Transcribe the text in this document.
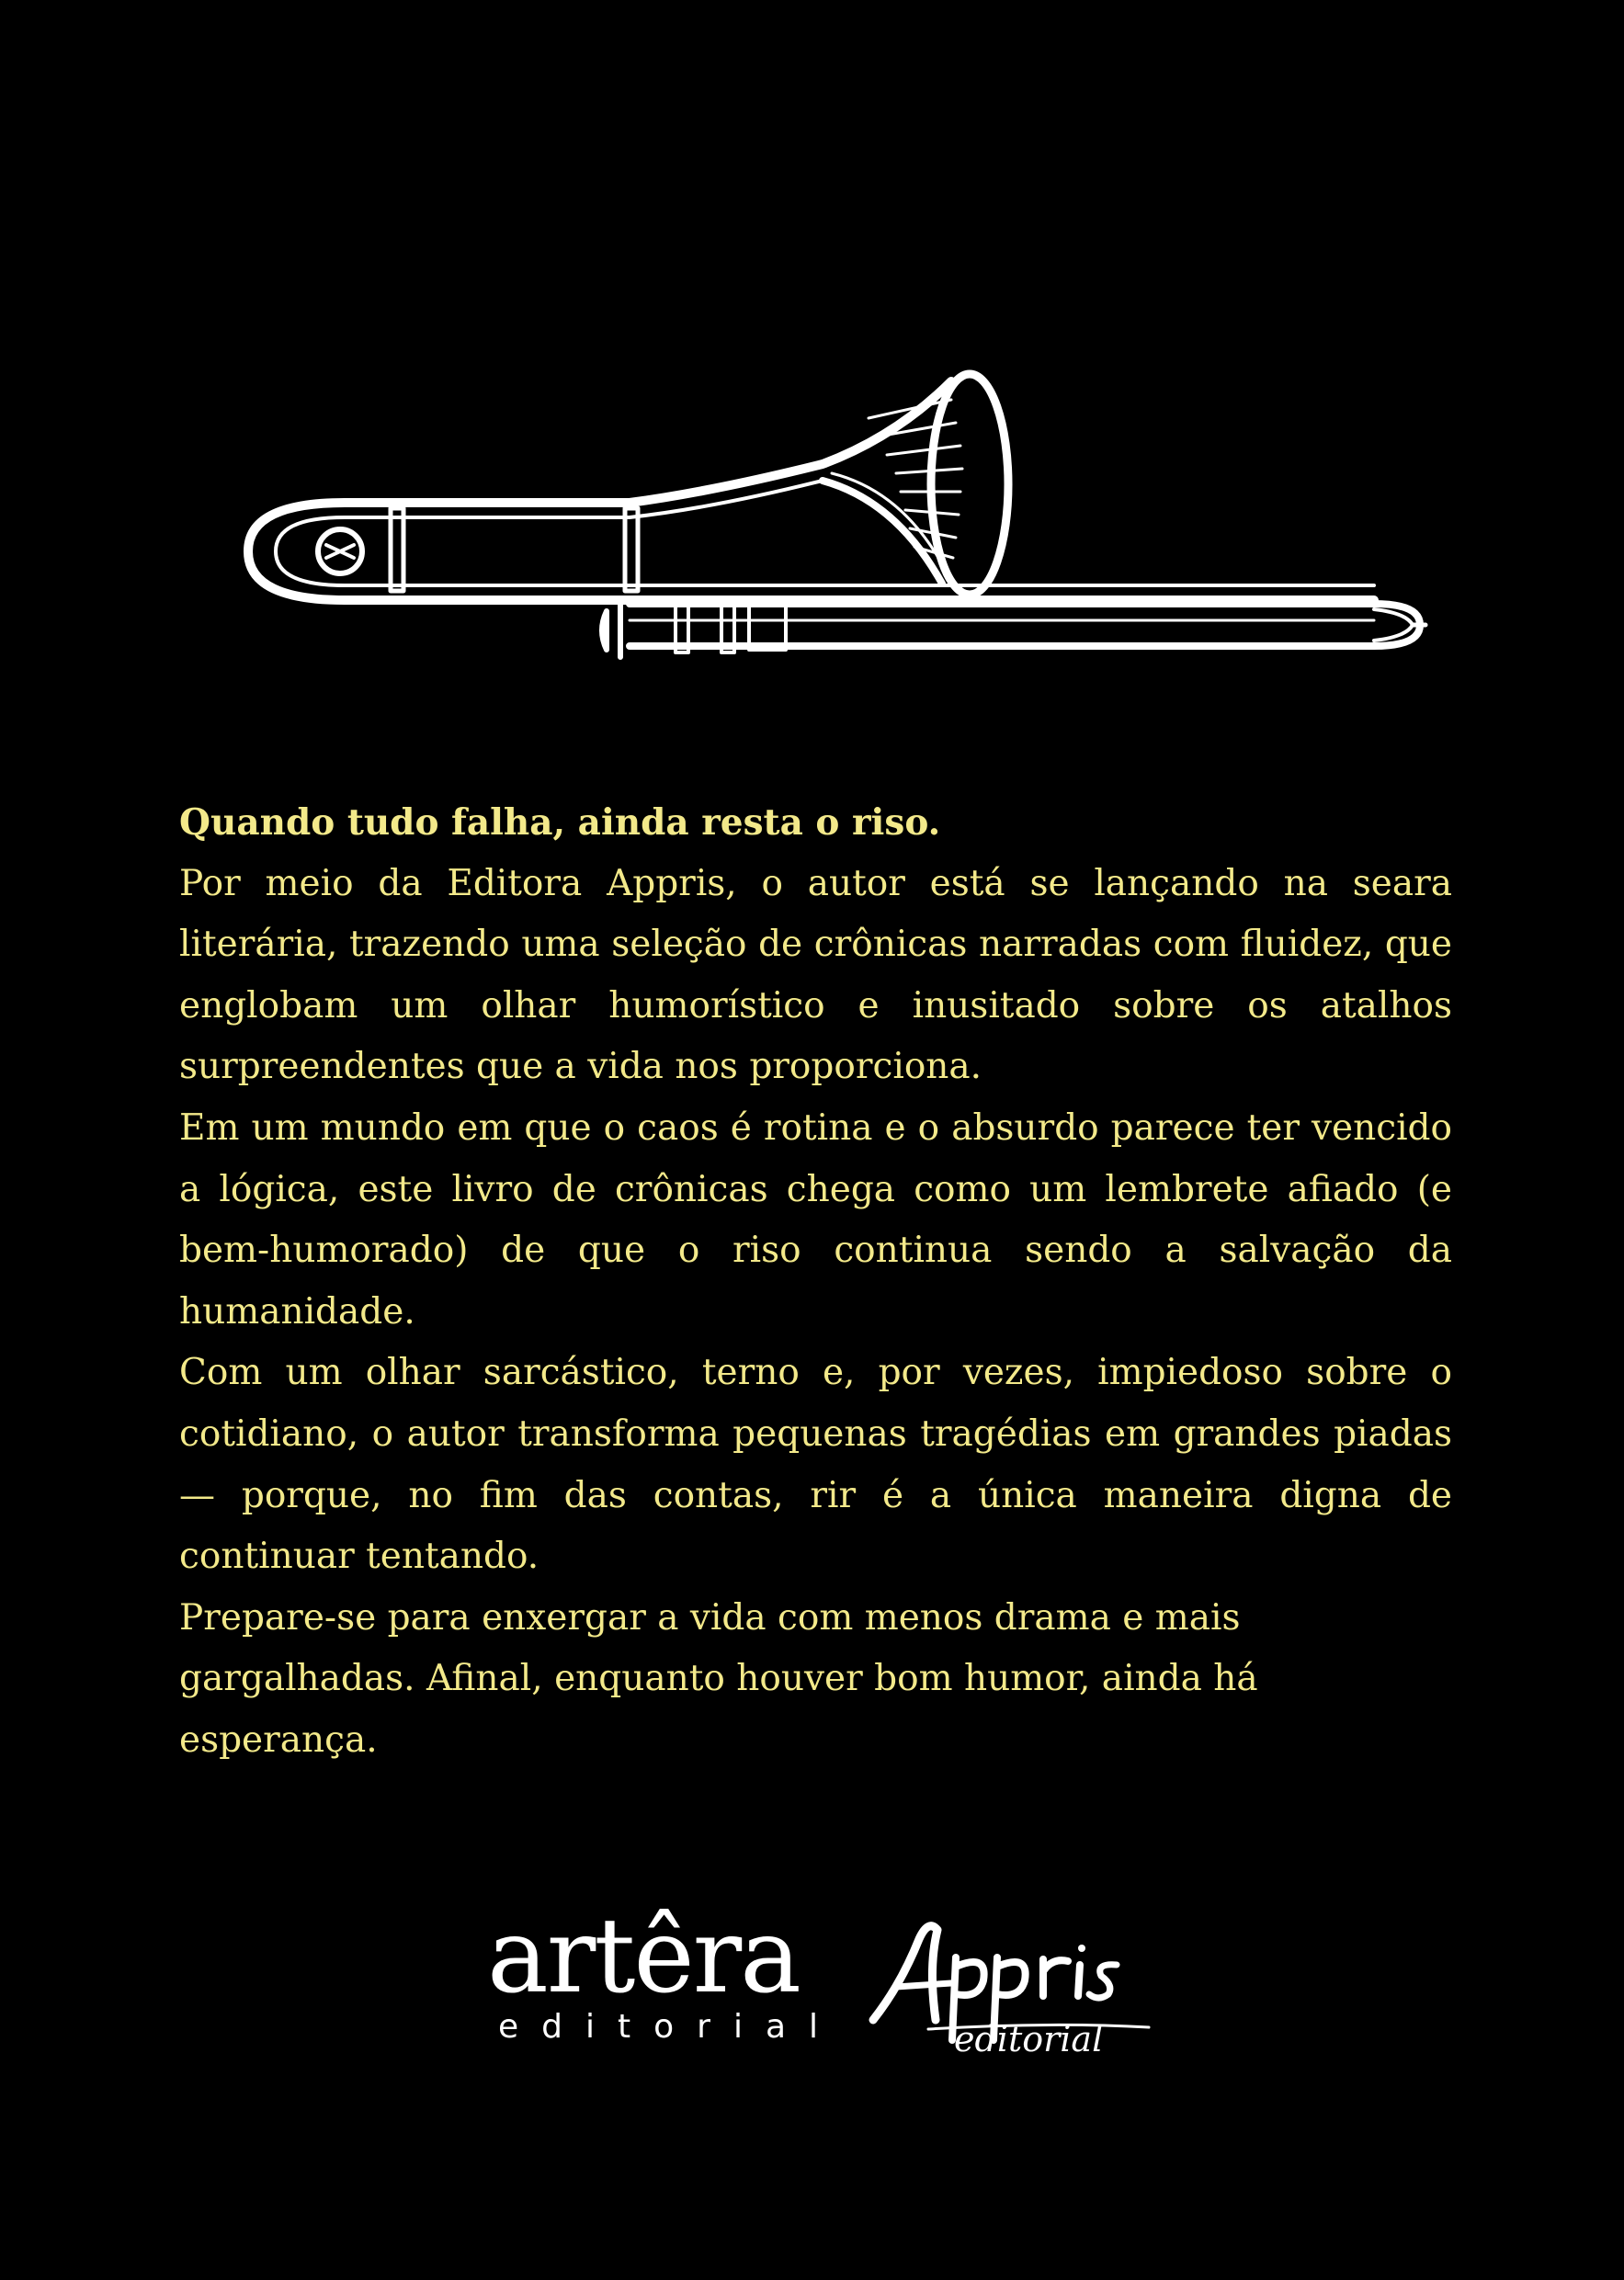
Quando tudo falha, ainda resta o riso.

Por meio da Editora Appris, o autor está se lançando na seara literária, trazendo uma seleção de crônicas narradas com fluidez, que englobam um olhar humorístico e inusitado sobre os atalhos surpreendentes que a vida nos proporciona.

Em um mundo em que o caos é rotina e o absurdo parece ter vencido a lógica, este livro de crônicas chega como um lembrete afiado (e bem-humorado) de que o riso continua sendo a salvação da humanidade.

Com um olhar sarcástico, terno e, por vezes, impiedoso sobre o cotidiano, o autor transforma pequenas tragédias em grandes piadas — porque, no fim das contas, rir é a única maneira digna de continuar tentando.

Prepare-se para enxergar a vida com menos drama e mais gargalhadas. Afinal, enquanto houver bom humor, ainda há esperança.

artêra
editorial	editorial
